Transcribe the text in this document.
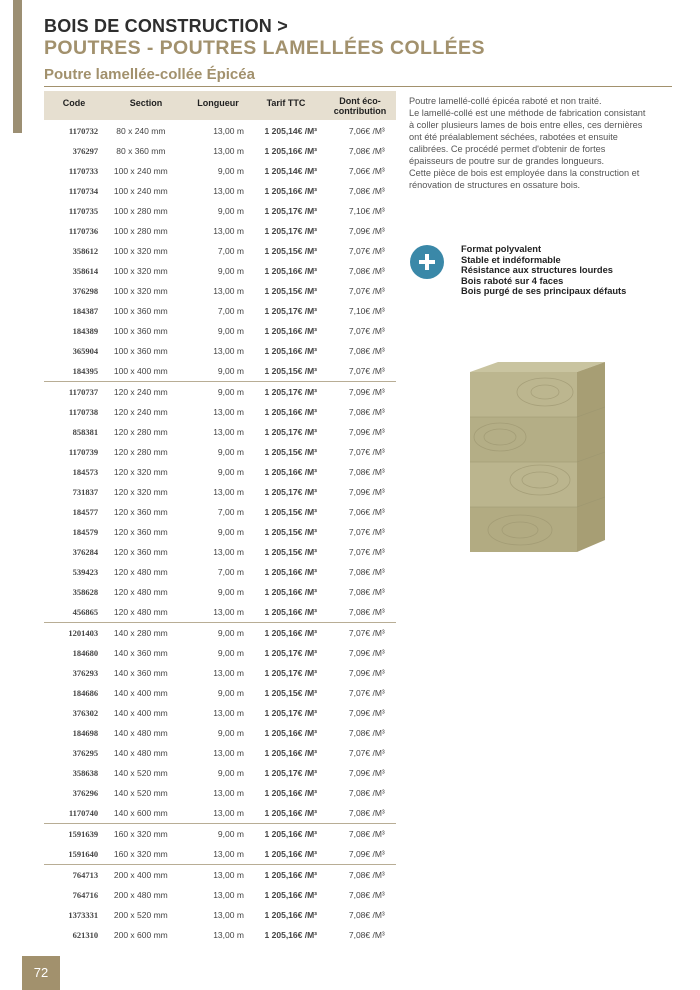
BOIS DE CONSTRUCTION >
POUTRES - POUTRES LAMELLÉES COLLÉES
Poutre lamellée-collée Épicéa
Code	Section	Longueur	Tarif TTC	Dont éco-
contribution
1170732	80 x 240 mm	13,00 m	1 205,14€ /M³	7,06€ /M³
376297	80 x 360 mm	13,00 m	1 205,16€ /M³	7,08€ /M³
1170733	100 x 240 mm	9,00 m	1 205,14€ /M³	7,06€ /M³
1170734	100 x 240 mm	13,00 m	1 205,16€ /M³	7,08€ /M³
1170735	100 x 280 mm	9,00 m	1 205,17€ /M³	7,10€ /M³
1170736	100 x 280 mm	13,00 m	1 205,17€ /M³	7,09€ /M³
358612	100 x 320 mm	7,00 m	1 205,15€ /M³	7,07€ /M³
358614	100 x 320 mm	9,00 m	1 205,16€ /M³	7,08€ /M³
376298	100 x 320 mm	13,00 m	1 205,15€ /M³	7,07€ /M³
184387	100 x 360 mm	7,00 m	1 205,17€ /M³	7,10€ /M³
184389	100 x 360 mm	9,00 m	1 205,16€ /M³	7,07€ /M³
365904	100 x 360 mm	13,00 m	1 205,16€ /M³	7,08€ /M³
184395	100 x 400 mm	9,00 m	1 205,15€ /M³	7,07€ /M³
1170737	120 x 240 mm	9,00 m	1 205,17€ /M³	7,09€ /M³
1170738	120 x 240 mm	13,00 m	1 205,16€ /M³	7,08€ /M³
858381	120 x 280 mm	13,00 m	1 205,17€ /M³	7,09€ /M³
1170739	120 x 280 mm	9,00 m	1 205,15€ /M³	7,07€ /M³
184573	120 x 320 mm	9,00 m	1 205,16€ /M³	7,08€ /M³
731837	120 x 320 mm	13,00 m	1 205,17€ /M³	7,09€ /M³
184577	120 x 360 mm	7,00 m	1 205,15€ /M³	7,06€ /M³
184579	120 x 360 mm	9,00 m	1 205,15€ /M³	7,07€ /M³
376284	120 x 360 mm	13,00 m	1 205,15€ /M³	7,07€ /M³
539423	120 x 480 mm	7,00 m	1 205,16€ /M³	7,08€ /M³
358628	120 x 480 mm	9,00 m	1 205,16€ /M³	7,08€ /M³
456865	120 x 480 mm	13,00 m	1 205,16€ /M³	7,08€ /M³
1201403	140 x 280 mm	9,00 m	1 205,16€ /M³	7,07€ /M³
184680	140 x 360 mm	9,00 m	1 205,17€ /M³	7,09€ /M³
376293	140 x 360 mm	13,00 m	1 205,17€ /M³	7,09€ /M³
184686	140 x 400 mm	9,00 m	1 205,15€ /M³	7,07€ /M³
376302	140 x 400 mm	13,00 m	1 205,17€ /M³	7,09€ /M³
184698	140 x 480 mm	9,00 m	1 205,16€ /M³	7,08€ /M³
376295	140 x 480 mm	13,00 m	1 205,16€ /M³	7,07€ /M³
358638	140 x 520 mm	9,00 m	1 205,17€ /M³	7,09€ /M³
376296	140 x 520 mm	13,00 m	1 205,16€ /M³	7,08€ /M³
1170740	140 x 600 mm	13,00 m	1 205,16€ /M³	7,08€ /M³
1591639	160 x 320 mm	9,00 m	1 205,16€ /M³	7,08€ /M³
1591640	160 x 320 mm	13,00 m	1 205,16€ /M³	7,09€ /M³
764713	200 x 400 mm	13,00 m	1 205,16€ /M³	7,08€ /M³
764716	200 x 480 mm	13,00 m	1 205,16€ /M³	7,08€ /M³
1373331	200 x 520 mm	13,00 m	1 205,16€ /M³	7,08€ /M³
621310	200 x 600 mm	13,00 m	1 205,16€ /M³	7,08€ /M³

Poutre lamellé-collé épicéa raboté et non traité.

Le lamellé-collé est une méthode de fabrication consistant à coller plusieurs lames de bois entre elles, ces dernières ont été préalablement séchées, rabotées et ensuite calibrées. Ce procédé permet d'obtenir de fortes épaisseurs de poutre sur de grandes longueurs.

Cette pièce de bois est employée dans la construction et rénovation de structures en ossature bois.

Format polyvalent
Stable et indéformable
Résistance aux structures lourdes
Bois raboté sur 4 faces
Bois purgé de ses principaux défauts
72
